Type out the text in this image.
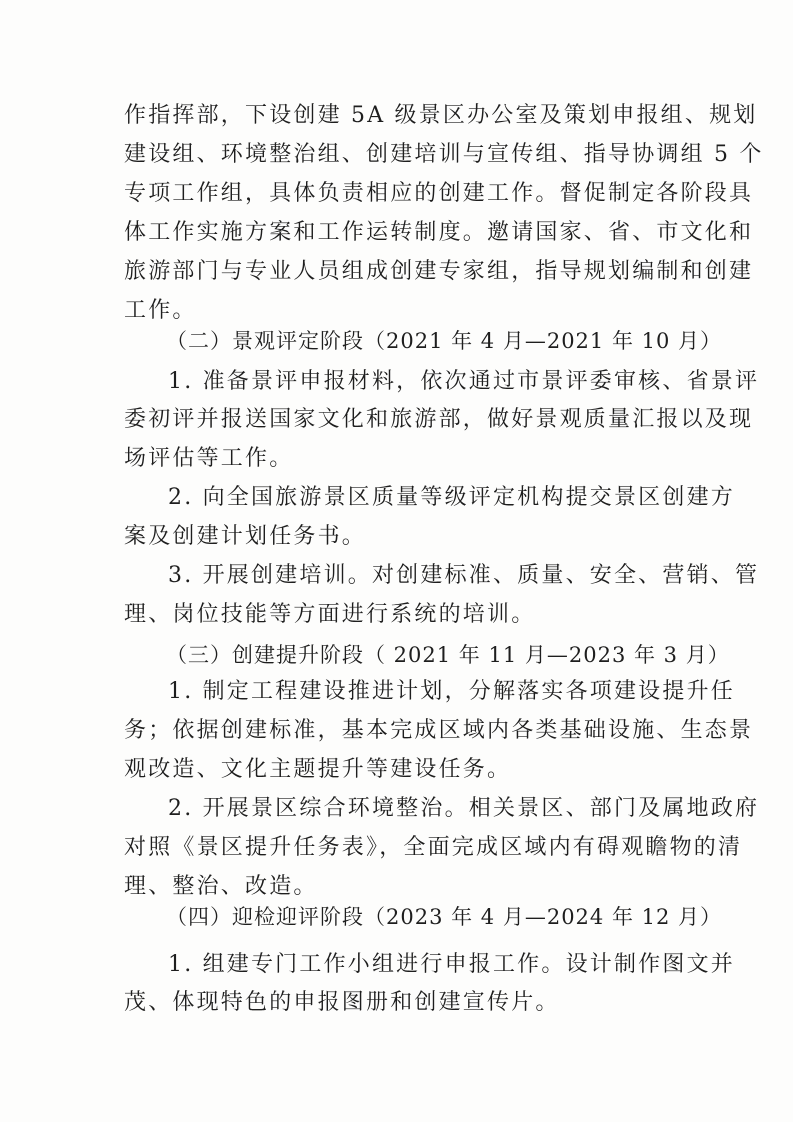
作指挥部，下设创建 5A 级景区办公室及策划申报组、规划
建设组、环境整治组、创建培训与宣传组、指导协调组 5 个
专项工作组，具体负责相应的创建工作。督促制定各阶段具
体工作实施方案和工作运转制度。邀请国家、省、市文化和
旅游部门与专业人员组成创建专家组，指导规划编制和创建
工作。
（二）景观评定阶段（2021 年 4 月—2021 年 10 月）
1. 准备景评申报材料，依次通过市景评委审核、省景评
委初评并报送国家文化和旅游部，做好景观质量汇报以及现
场评估等工作。
2. 向全国旅游景区质量等级评定机构提交景区创建方
案及创建计划任务书。
3. 开展创建培训。对创建标准、质量、安全、营销、管
理、岗位技能等方面进行系统的培训。
（三）创建提升阶段（ 2021 年 11 月—2023 年 3 月）
1. 制定工程建设推进计划，分解落实各项建设提升任
务；依据创建标准，基本完成区域内各类基础设施、生态景
观改造、文化主题提升等建设任务。
2. 开展景区综合环境整治。相关景区、部门及属地政府
对照《景区提升任务表》，全面完成区域内有碍观瞻物的清
理、整治、改造。
（四）迎检迎评阶段（2023 年 4 月—2024 年 12 月）
1. 组建专门工作小组进行申报工作。设计制作图文并
茂、体现特色的申报图册和创建宣传片。
